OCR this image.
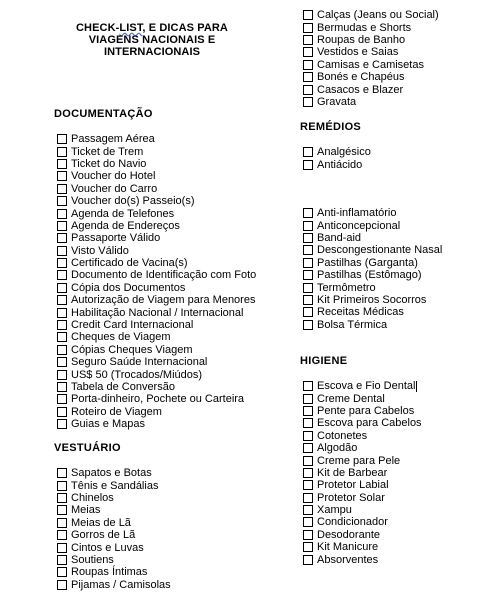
CHECK-LIST, E DICAS PARA
VIAGENS NACIONAIS E
INTERNACIONAIS
DOCUMENTAÇÃO
VESTUÁRIO
REMÉDIOS
HIGIENE
Passagem Aérea
Ticket de Trem
Ticket do Navio
Voucher do Hotel
Voucher do Carro
Voucher do(s) Passeio(s)
Agenda de Telefones
Agenda de Endereços
Passaporte Válido
Visto Válido
Certificado de Vacina(s)
Documento de Identificação com Foto
Cópia dos Documentos
Autorização de Viagem para Menores
Habilitação Nacional / Internacional
Credit Card Internacional
Cheques de Viagem
Cópias Cheques Viagem
Seguro Saúde Internacional
US$ 50 (Trocados/Miúdos)
Tabela de Conversão
Porta-dinheiro, Pochete ou Carteira
Roteiro de Viagem
Guias e Mapas
Sapatos e Botas
Tênis e Sandálias
Chinelos
Meias
Meias de Lã
Gorros de Lã
Cintos e Luvas
Soutiens
Roupas Íntimas
Pijamas / Camisolas
Calças (Jeans ou Social)
Bermudas e Shorts
Roupas de Banho
Vestidos e Saias
Camisas e Camisetas
Bonés e Chapéus
Casacos e Blazer
Gravata
Analgésico
Antiácido
Anti-inflamatório
Anticoncepcional
Band-aid
Descongestionante Nasal
Pastilhas (Garganta)
Pastilhas (Estômago)
Termômetro
Kit Primeiros Socorros
Receitas Médicas
Bolsa Térmica
Escova e Fio Dental
Creme Dental
Pente para Cabelos
Escova para Cabelos
Cotonetes
Algodão
Creme para Pele
Kit de Barbear
Protetor Labial
Protetor Solar
Xampu
Condicionador
Desodorante
Kit Manicure
Absorventes
